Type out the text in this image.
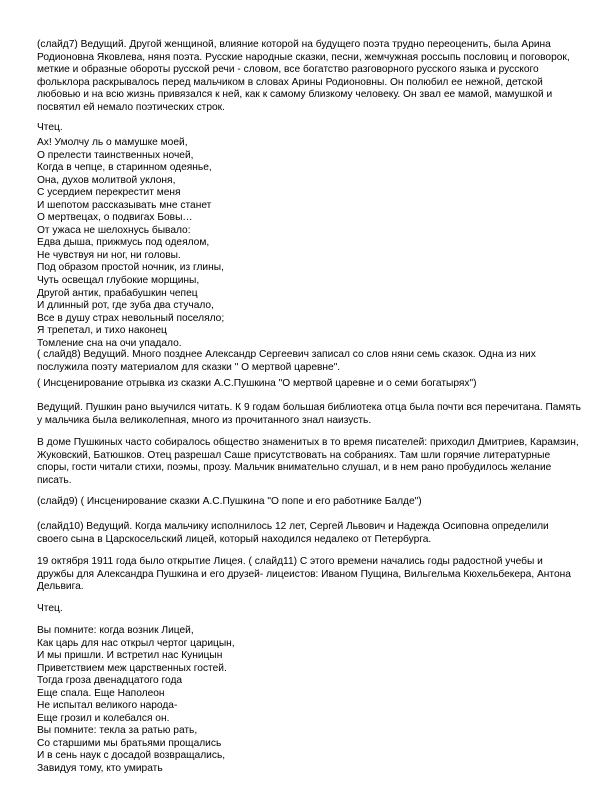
(слайд7) Ведущий. Другой женщиной, влияние которой на будущего поэта трудно переоценить, была Арина
Родионовна Яковлева, няня поэта. Русские народные сказки, песни, жемчужная россыпь пословиц и поговорок,
меткие и образные обороты русской речи - словом, все богатство разговорного русского языка и русского
фольклора раскрывалось перед мальчиком в словах Арины Родионовны. Он полюбил ее нежной, детской
любовью и на всю жизнь привязался к ней, как к самому близкому человеку. Он звал ее мамой, мамушкой и
посвятил ей немало поэтических строк.
Чтец.
Ах! Умолчу ль о мамушке моей,
О прелести таинственных ночей,
Когда в чепце, в старинном одеянье,
Она, духов молитвой уклоня,
С усердием перекрестит меня
И шепотом рассказывать мне станет
О мертвецах, о подвигах Бовы…
От ужаса не шелохнусь бывало:
Едва дыша, прижмусь под одеялом,
Не чувствуя ни ног, ни головы.
Под образом простой ночник, из глины,
Чуть освещал глубокие морщины,
Другой антик, прабабушкин чепец
И длинный рот, где зуба два стучало,
Все в душу страх невольный поселяло;
Я трепетал, и тихо наконец
Томление сна на очи упадало.
( слайд8) Ведущий. Много позднее Александр Сергеевич записал со слов няни семь сказок. Одна из них
послужила поэту материалом для сказки " О мертвой царевне".
( Инсценирование отрывка из сказки А.С.Пушкина "О мертвой царевне и о семи богатырях")
Ведущий. Пушкин рано выучился читать. К 9 годам большая библиотека отца была почти вся перечитана. Память
у мальчика была великолепная, много из прочитанного знал наизусть.
В доме Пушкиных часто собиралось общество знаменитых в то время писателей: приходил Дмитриев, Карамзин,
Жуковский, Батюшков. Отец разрешал Саше присутствовать на собраниях. Там шли горячие литературные
споры, гости читали стихи, поэмы, прозу. Мальчик внимательно слушал, и в нем рано пробудилось желание
писать.
(слайд9) ( Инсценирование сказки А.С.Пушкина "О попе и его работнике Балде")
(слайд10) Ведущий. Когда мальчику исполнилось 12 лет, Сергей Львович и Надежда Осиповна определили
своего сына в Царскосельский лицей, который находился недалеко от Петербурга.
19 октября 1911 года было открытие Лицея. ( слайд11) С этого времени начались годы радостной учебы и
дружбы для Александра Пушкина и его друзей- лицеистов: Иваном Пущина, Вильгельма Кюхельбекера, Антона
Дельвига.
Чтец.
Вы помните: когда возник Лицей,
Как царь для нас открыл чертог царицын,
И мы пришли. И встретил нас Куницын
Приветствием меж царственных гостей.
Тогда гроза двенадцатого года
Еще спала. Еще Наполеон
Не испытал великого народа-
Еще грозил и колебался он.
Вы помните: текла за ратью рать,
Со старшими мы братьями прощались
И в сень наук с досадой возвращались,
Завидуя тому, кто умирать
